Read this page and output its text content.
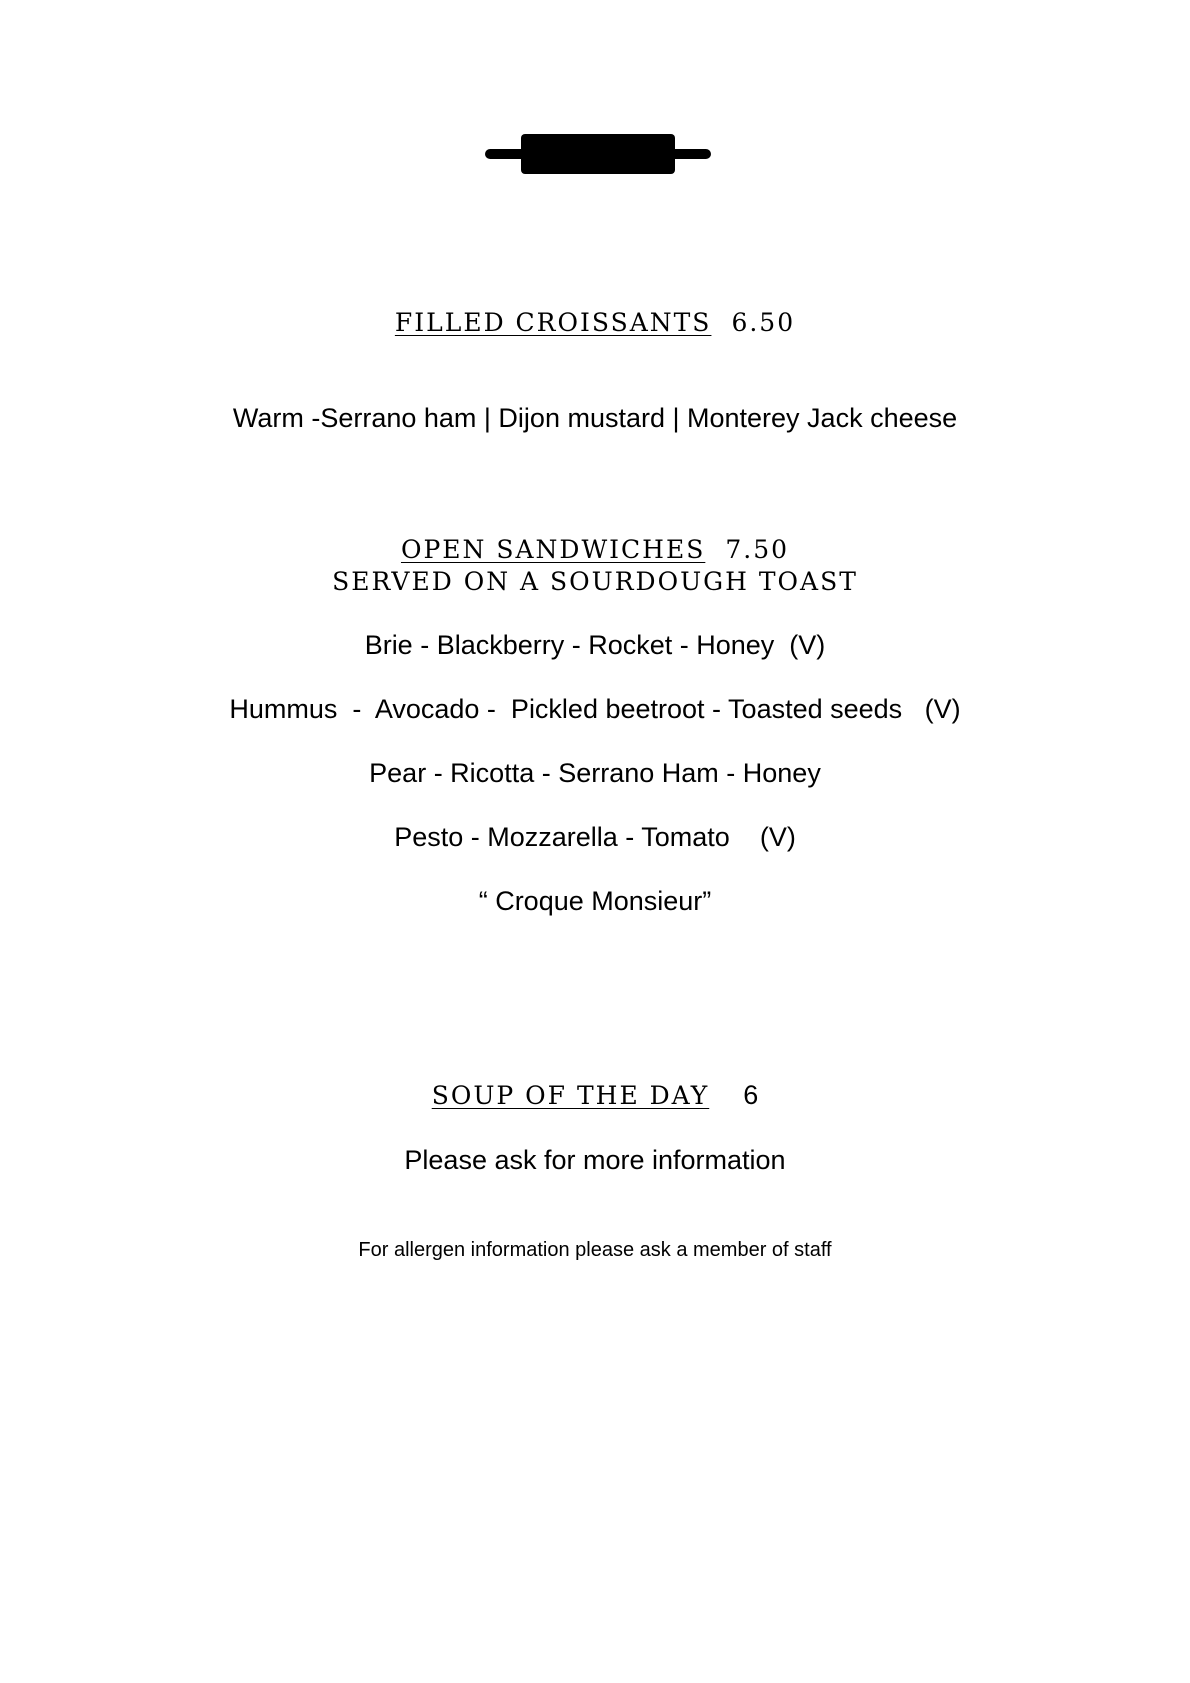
FILLED CROISSANTS 6.50
Warm -Serrano ham | Dijon mustard | Monterey Jack cheese
OPEN SANDWICHES 7.50
SERVED ON A SOURDOUGH TOAST
Brie - Blackberry - Rocket - Honey  (V)
Hummus  -  Avocado -  Pickled beetroot - Toasted seeds   (V)
Pear - Ricotta - Serrano Ham - Honey
Pesto - Mozzarella - Tomato    (V)
“ Croque Monsieur”
SOUP OF THE DAY 6
Please ask for more information
For allergen information please ask a member of staff
